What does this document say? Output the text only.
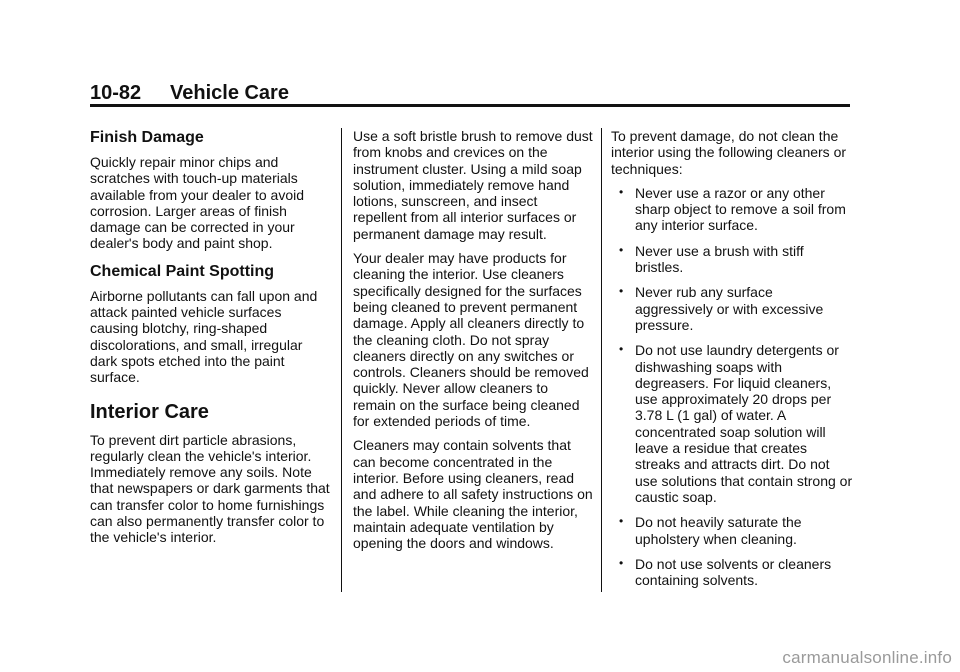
10-82 Vehicle Care
Finish Damage

Quickly repair minor chips and scratches with touch-up materials available from your dealer to avoid corrosion. Larger areas of finish damage can be corrected in your dealer's body and paint shop.

Chemical Paint Spotting

Airborne pollutants can fall upon and attack painted vehicle surfaces causing blotchy, ring-shaped discolorations, and small, irregular dark spots etched into the paint surface.

Interior Care

To prevent dirt particle abrasions, regularly clean the vehicle's interior. Immediately remove any soils. Note that newspapers or dark garments that can transfer color to home furnishings can also permanently transfer color to the vehicle's interior.

Use a soft bristle brush to remove dust from knobs and crevices on the instrument cluster. Using a mild soap solution, immediately remove hand lotions, sunscreen, and insect repellent from all interior surfaces or permanent damage may result.

Your dealer may have products for cleaning the interior. Use cleaners specifically designed for the surfaces being cleaned to prevent permanent damage. Apply all cleaners directly to the cleaning cloth. Do not spray cleaners directly on any switches or controls. Cleaners should be removed quickly. Never allow cleaners to remain on the surface being cleaned for extended periods of time.

Cleaners may contain solvents that can become concentrated in the interior. Before using cleaners, read and adhere to all safety instructions on the label. While cleaning the interior, maintain adequate ventilation by opening the doors and windows.

To prevent damage, do not clean the interior using the following cleaners or techniques:

• Never use a razor or any other sharp object to remove a soil from any interior surface.
• Never use a brush with stiff bristles.
• Never rub any surface aggressively or with excessive pressure.
• Do not use laundry detergents or dishwashing soaps with degreasers. For liquid cleaners, use approximately 20 drops per 3.78 L (1 gal) of water. A concentrated soap solution will leave a residue that creates streaks and attracts dirt. Do not use solutions that contain strong or caustic soap.
• Do not heavily saturate the upholstery when cleaning.
• Do not use solvents or cleaners containing solvents.
carmanualsonline.info
